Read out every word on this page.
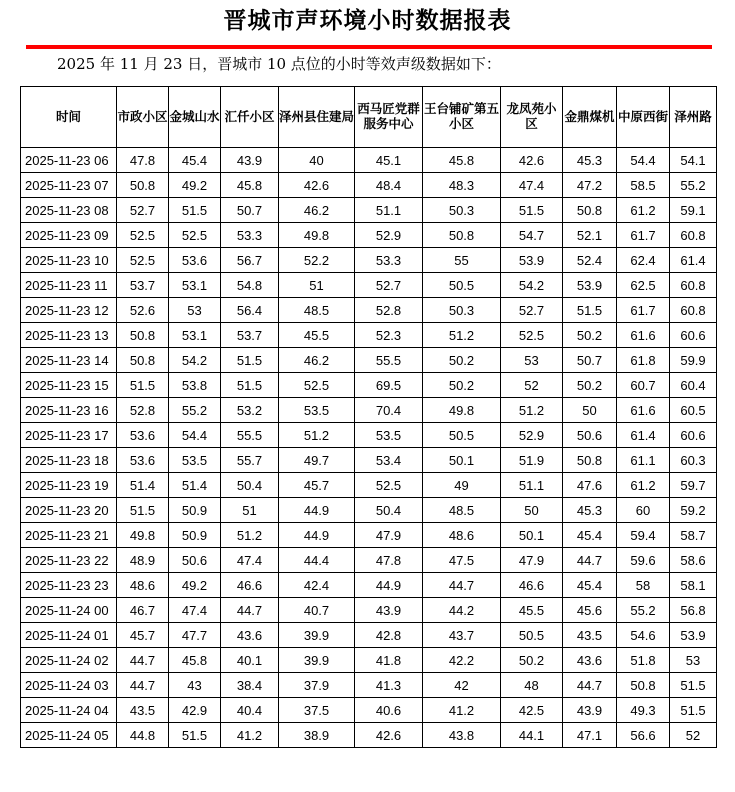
晋城市声环境小时数据报表
2025 年 11 月 23 日，晋城市 10 点位的小时等效声级数据如下：
时间	市政小区	金城山水	汇仟小区	泽州县住建局	西马匠党群服务中心	王台铺矿第五小区	龙凤苑小区	金鼎煤机	中原西街	泽州路
2025-11-23 06	47.8	45.4	43.9	40	45.1	45.8	42.6	45.3	54.4	54.1
2025-11-23 07	50.8	49.2	45.8	42.6	48.4	48.3	47.4	47.2	58.5	55.2
2025-11-23 08	52.7	51.5	50.7	46.2	51.1	50.3	51.5	50.8	61.2	59.1
2025-11-23 09	52.5	52.5	53.3	49.8	52.9	50.8	54.7	52.1	61.7	60.8
2025-11-23 10	52.5	53.6	56.7	52.2	53.3	55	53.9	52.4	62.4	61.4
2025-11-23 11	53.7	53.1	54.8	51	52.7	50.5	54.2	53.9	62.5	60.8
2025-11-23 12	52.6	53	56.4	48.5	52.8	50.3	52.7	51.5	61.7	60.8
2025-11-23 13	50.8	53.1	53.7	45.5	52.3	51.2	52.5	50.2	61.6	60.6
2025-11-23 14	50.8	54.2	51.5	46.2	55.5	50.2	53	50.7	61.8	59.9
2025-11-23 15	51.5	53.8	51.5	52.5	69.5	50.2	52	50.2	60.7	60.4
2025-11-23 16	52.8	55.2	53.2	53.5	70.4	49.8	51.2	50	61.6	60.5
2025-11-23 17	53.6	54.4	55.5	51.2	53.5	50.5	52.9	50.6	61.4	60.6
2025-11-23 18	53.6	53.5	55.7	49.7	53.4	50.1	51.9	50.8	61.1	60.3
2025-11-23 19	51.4	51.4	50.4	45.7	52.5	49	51.1	47.6	61.2	59.7
2025-11-23 20	51.5	50.9	51	44.9	50.4	48.5	50	45.3	60	59.2
2025-11-23 21	49.8	50.9	51.2	44.9	47.9	48.6	50.1	45.4	59.4	58.7
2025-11-23 22	48.9	50.6	47.4	44.4	47.8	47.5	47.9	44.7	59.6	58.6
2025-11-23 23	48.6	49.2	46.6	42.4	44.9	44.7	46.6	45.4	58	58.1
2025-11-24 00	46.7	47.4	44.7	40.7	43.9	44.2	45.5	45.6	55.2	56.8
2025-11-24 01	45.7	47.7	43.6	39.9	42.8	43.7	50.5	43.5	54.6	53.9
2025-11-24 02	44.7	45.8	40.1	39.9	41.8	42.2	50.2	43.6	51.8	53
2025-11-24 03	44.7	43	38.4	37.9	41.3	42	48	44.7	50.8	51.5
2025-11-24 04	43.5	42.9	40.4	37.5	40.6	41.2	42.5	43.9	49.3	51.5
2025-11-24 05	44.8	51.5	41.2	38.9	42.6	43.8	44.1	47.1	56.6	52
